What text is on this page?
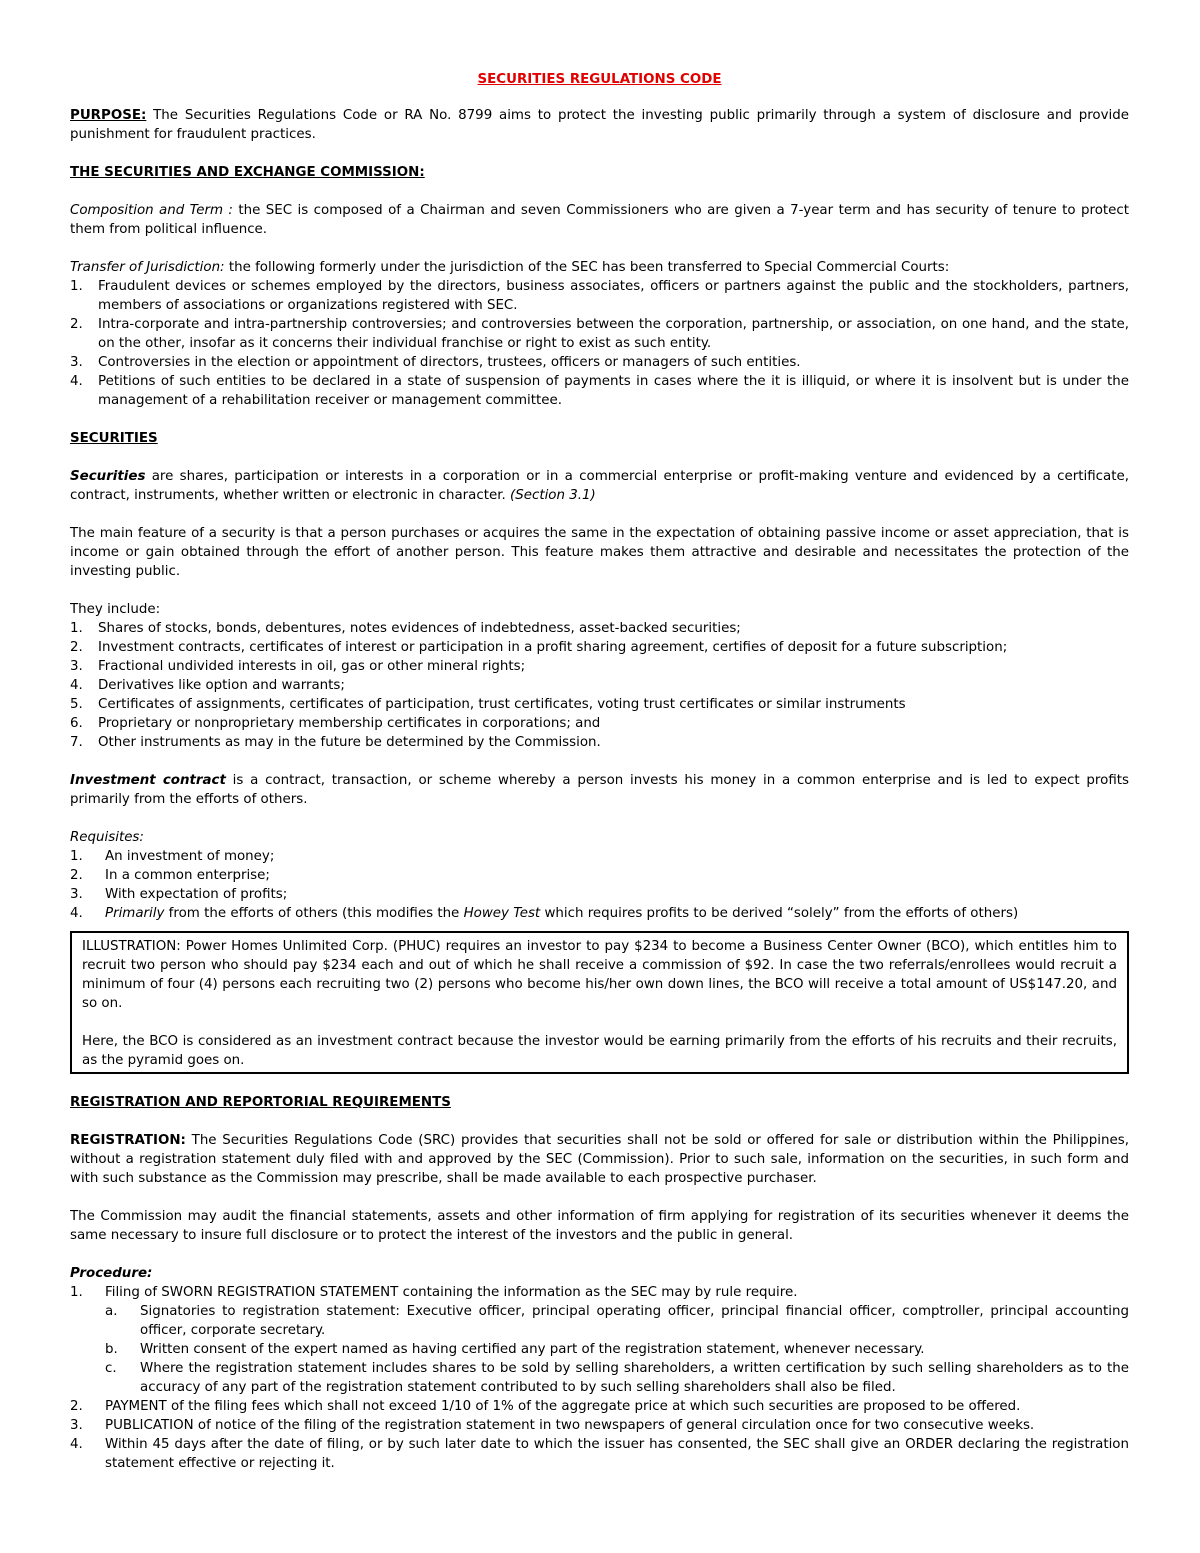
SECURITIES REGULATIONS CODE

PURPOSE: The Securities Regulations Code or RA No. 8799 aims to protect the investing public primarily through a system of disclosure and provide punishment for fraudulent practices.

THE SECURITIES AND EXCHANGE COMMISSION:

Composition and Term : the SEC is composed of a Chairman and seven Commissioners who are given a 7-year term and has security of tenure to protect them from political influence.

Transfer of Jurisdiction: the following formerly under the jurisdiction of the SEC has been transferred to Special Commercial Courts:

1. Fraudulent devices or schemes employed by the directors, business associates, officers or partners against the public and the stockholders, partners, members of associations or organizations registered with SEC.
2. Intra-corporate and intra-partnership controversies; and controversies between the corporation, partnership, or association, on one hand, and the state, on the other, insofar as it concerns their individual franchise or right to exist as such entity.
3. Controversies in the election or appointment of directors, trustees, officers or managers of such entities.
4. Petitions of such entities to be declared in a state of suspension of payments in cases where the it is illiquid, or where it is insolvent but is under the management of a rehabilitation receiver or management committee.

SECURITIES

Securities are shares, participation or interests in a corporation or in a commercial enterprise or profit-making venture and evidenced by a certificate, contract, instruments, whether written or electronic in character. (Section 3.1)

The main feature of a security is that a person purchases or acquires the same in the expectation of obtaining passive income or asset appreciation, that is income or gain obtained through the effort of another person. This feature makes them attractive and desirable and necessitates the protection of the investing public.

They include:

1. Shares of stocks, bonds, debentures, notes evidences of indebtedness, asset-backed securities;
2. Investment contracts, certificates of interest or participation in a profit sharing agreement, certifies of deposit for a future subscription;
3. Fractional undivided interests in oil, gas or other mineral rights;
4. Derivatives like option and warrants;
5. Certificates of assignments, certificates of participation, trust certificates, voting trust certificates or similar instruments
6. Proprietary or nonproprietary membership certificates in corporations; and
7. Other instruments as may in the future be determined by the Commission.

Investment contract is a contract, transaction, or scheme whereby a person invests his money in a common enterprise and is led to expect profits primarily from the efforts of others.

Requisites:

1. An investment of money;
2. In a common enterprise;
3. With expectation of profits;
4. Primarily from the efforts of others (this modifies the Howey Test which requires profits to be derived “solely” from the efforts of others)

ILLUSTRATION: Power Homes Unlimited Corp. (PHUC) requires an investor to pay $234 to become a Business Center Owner (BCO), which entitles him to recruit two person who should pay $234 each and out of which he shall receive a commission of $92. In case the two referrals/enrollees would recruit a minimum of four (4) persons each recruiting two (2) persons who become his/her own down lines, the BCO will receive a total amount of US$147.20, and so on.

Here, the BCO is considered as an investment contract because the investor would be earning primarily from the efforts of his recruits and their recruits, as the pyramid goes on.

REGISTRATION AND REPORTORIAL REQUIREMENTS

REGISTRATION: The Securities Regulations Code (SRC) provides that securities shall not be sold or offered for sale or distribution within the Philippines, without a registration statement duly filed with and approved by the SEC (Commission). Prior to such sale, information on the securities, in such form and with such substance as the Commission may prescribe, shall be made available to each prospective purchaser.

The Commission may audit the financial statements, assets and other information of firm applying for registration of its securities whenever it deems the same necessary to insure full disclosure or to protect the interest of the investors and the public in general.

Procedure:

1. Filing of SWORN REGISTRATION STATEMENT containing the information as the SEC may by rule require.
a. Signatories to registration statement: Executive officer, principal operating officer, principal financial officer, comptroller, principal accounting officer, corporate secretary.
b. Written consent of the expert named as having certified any part of the registration statement, whenever necessary.
c. Where the registration statement includes shares to be sold by selling shareholders, a written certification by such selling shareholders as to the accuracy of any part of the registration statement contributed to by such selling shareholders shall also be filed.
2. PAYMENT of the filing fees which shall not exceed 1/10 of 1% of the aggregate price at which such securities are proposed to be offered.
3. PUBLICATION of notice of the filing of the registration statement in two newspapers of general circulation once for two consecutive weeks.
4. Within 45 days after the date of filing, or by such later date to which the issuer has consented, the SEC shall give an ORDER declaring the registration statement effective or rejecting it.
